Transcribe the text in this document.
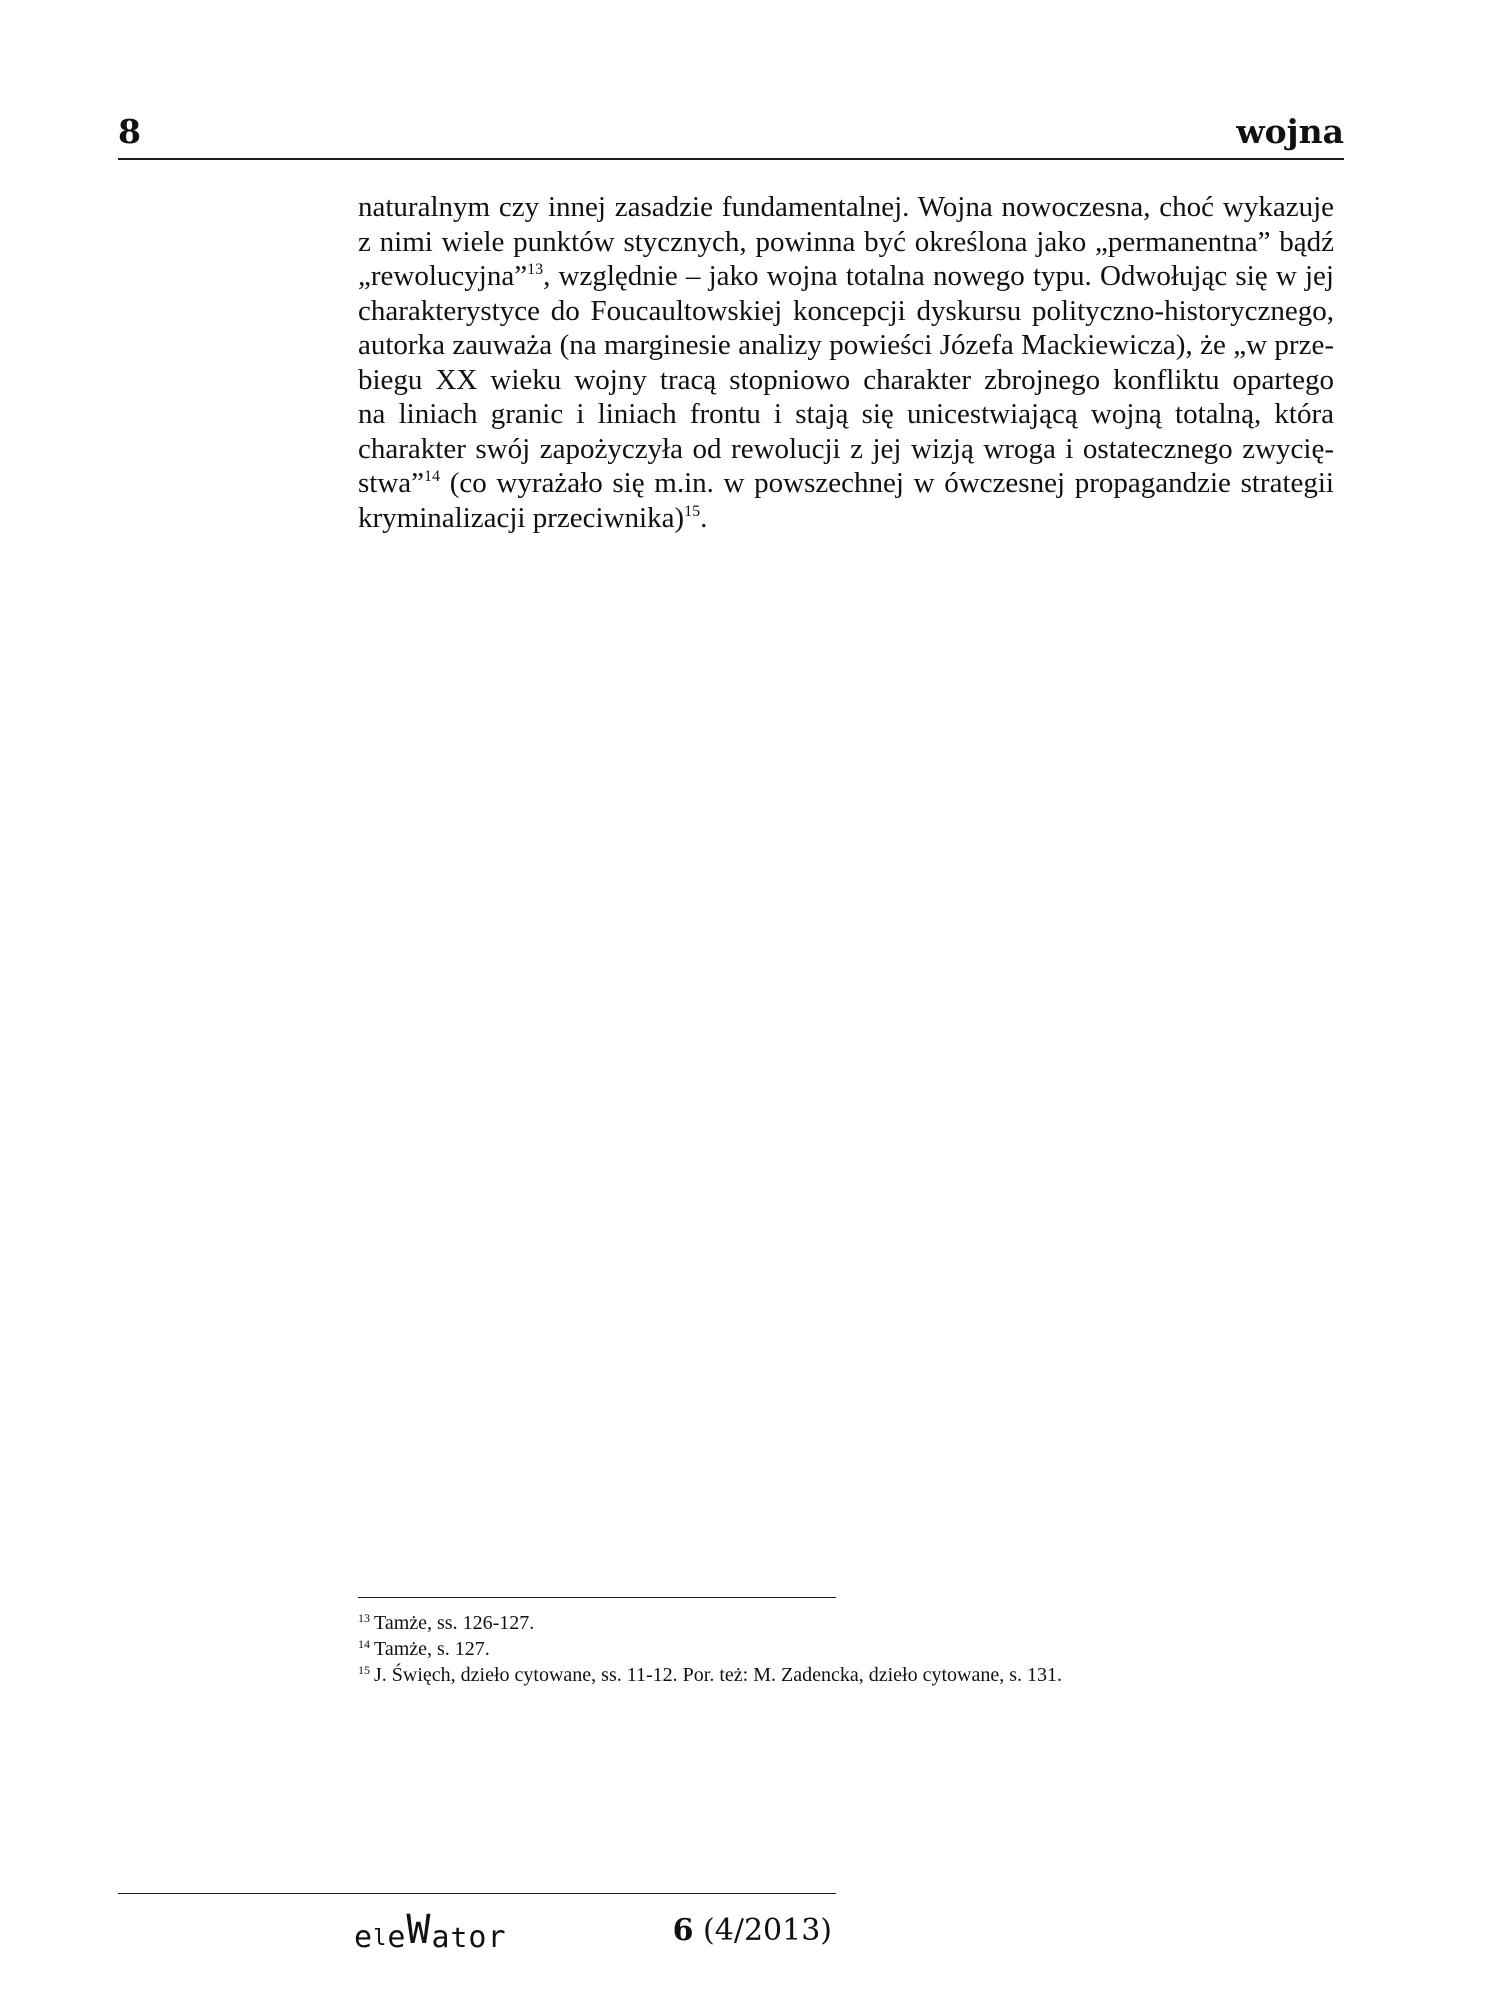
8	wojna
naturalnym czy innej zasadzie fundamentalnej. Wojna nowoczesna, choć wykazuje
z nimi wiele punktów stycznych, powinna być określona jako „permanentna” bądź
„rewolucyjna”$^{13}$, względnie – jako wojna totalna nowego typu. Odwołując się w jej
charakterystyce do Foucaultowskiej koncepcji dyskursu polityczno-historycznego,
autorka zauważa (na marginesie analizy powieści Józefa Mackiewicza), że „w prze-
biegu XX wieku wojny tracą stopniowo charakter zbrojnego konfliktu opartego
na liniach granic i liniach frontu i stają się unicestwiającą wojną totalną, która
charakter swój zapożyczyła od rewolucji z jej wizją wroga i ostatecznego zwycię-
stwa”$^{14}$ (co wyrażało się m.in. w powszechnej w ówczesnej propagandzie strategii
kryminalizacji przeciwnika)$^{15}$.
$^{13}$ Tamże, ss. 126-127.
$^{14}$ Tamże, s. 127.
$^{15}$ J. Święch, dzieło cytowane, ss. 11-12. Por. też: M. Zadencka, dzieło cytowane, s. 131.
eleWator	6 (4/2013)
